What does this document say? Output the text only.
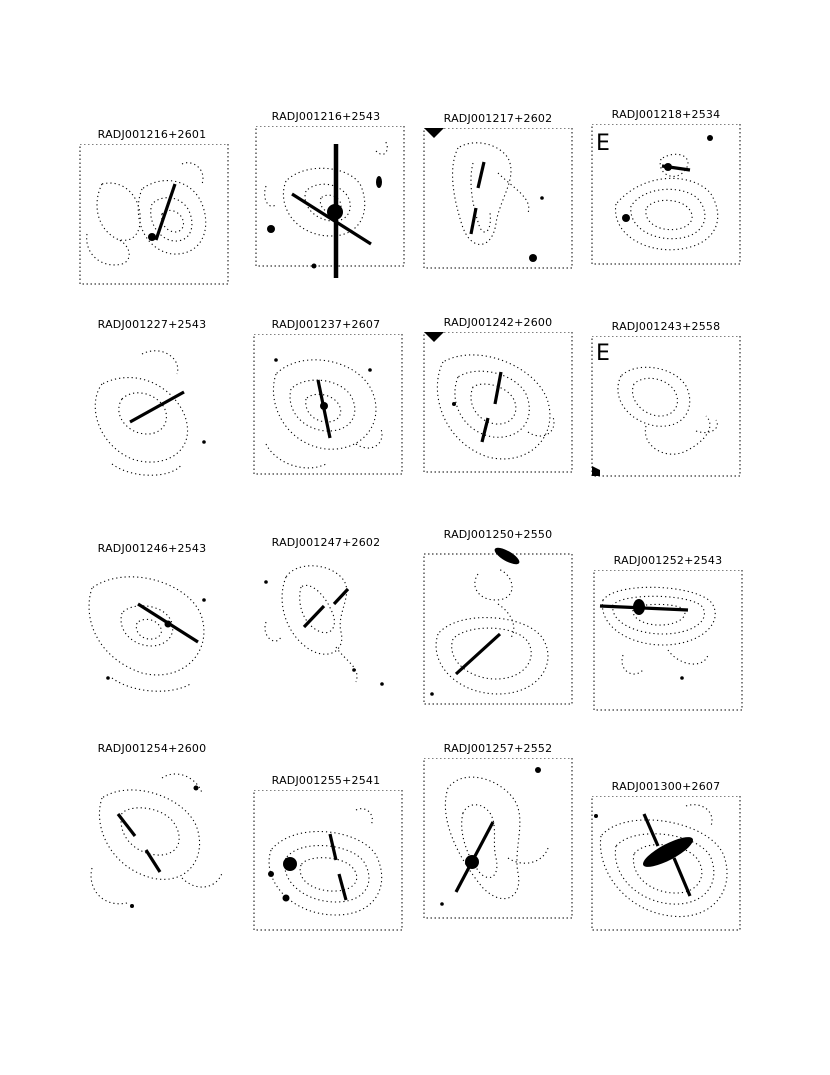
RADJ001216+2601
RADJ001216+2543	RADJ001217+2602	RADJ001218+2534
E
RADJ001227+2543	RADJ001237+2607	RADJ001242+2600	RADJ001243+2558
E
RADJ001246+2543	RADJ001247+2602
RADJ001250+2550
RADJ001252+2543
RADJ001254+2600
RADJ001255+2541
RADJ001257+2552
RADJ001300+2607
